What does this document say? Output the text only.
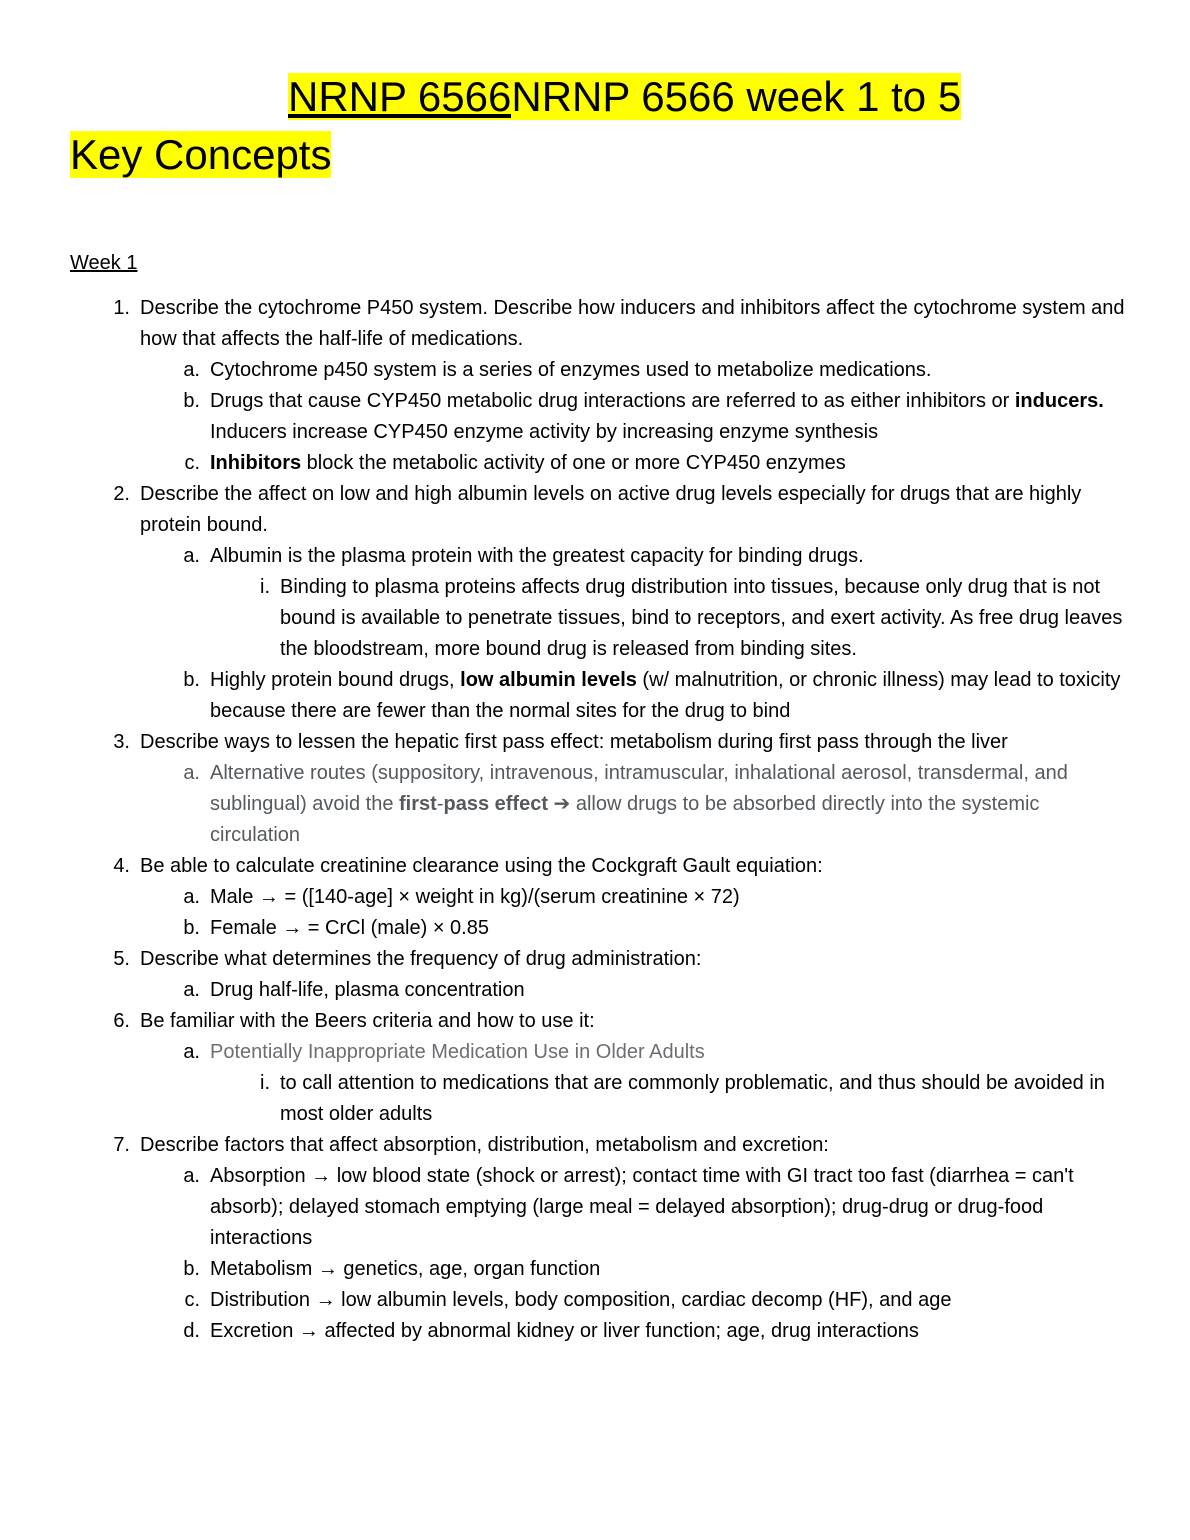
NRNP 6566NRNP 6566 week 1 to 5
Key Concepts
Week 1
1. Describe the cytochrome P450 system. Describe how inducers and inhibitors affect the cytochrome system and how that affects the half-life of medications.
a. Cytochrome p450 system is a series of enzymes used to metabolize medications.
b. Drugs that cause CYP450 metabolic drug interactions are referred to as either inhibitors or inducers. Inducers increase CYP450 enzyme activity by increasing enzyme synthesis
c. Inhibitors block the metabolic activity of one or more CYP450 enzymes
2. Describe the affect on low and high albumin levels on active drug levels especially for drugs that are highly protein bound.
a. Albumin is the plasma protein with the greatest capacity for binding drugs.
i. Binding to plasma proteins affects drug distribution into tissues, because only drug that is not bound is available to penetrate tissues, bind to receptors, and exert activity. As free drug leaves the bloodstream, more bound drug is released from binding sites.
b. Highly protein bound drugs, low albumin levels (w/ malnutrition, or chronic illness) may lead to toxicity because there are fewer than the normal sites for the drug to bind
3. Describe ways to lessen the hepatic first pass effect: metabolism during first pass through the liver
a. Alternative routes (suppository, intravenous, intramuscular, inhalational aerosol, transdermal, and sublingual) avoid the first-pass effect ➔ allow drugs to be absorbed directly into the systemic circulation
4. Be able to calculate creatinine clearance using the Cockgraft Gault equiation:
a. Male → = ([140-age] × weight in kg)/(serum creatinine × 72)
b. Female → = CrCl (male) × 0.85
5. Describe what determines the frequency of drug administration:
a. Drug half-life, plasma concentration
6. Be familiar with the Beers criteria and how to use it:
a. Potentially Inappropriate Medication Use in Older Adults
i. to call attention to medications that are commonly problematic, and thus should be avoided in most older adults
7. Describe factors that affect absorption, distribution, metabolism and excretion:
a. Absorption → low blood state (shock or arrest); contact time with GI tract too fast (diarrhea = can't absorb); delayed stomach emptying (large meal = delayed absorption); drug-drug or drug-food interactions
b. Metabolism → genetics, age, organ function
c. Distribution → low albumin levels, body composition, cardiac decomp (HF), and age
d. Excretion → affected by abnormal kidney or liver function; age, drug interactions
